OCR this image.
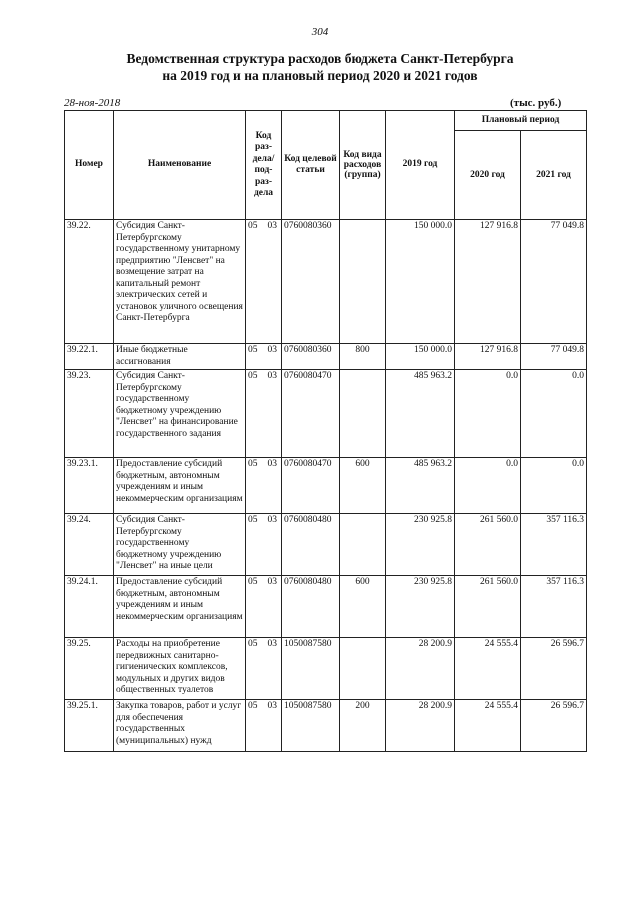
304
Ведомственная структура расходов бюджета Санкт-Петербурга
на 2019 год и на плановый период 2020 и 2021 годов
28-ноя-2018	(тыс. руб.)
Номер	Наименование	Код раз- дела/ под- раз- дела	Код целевой статьи	Код вида расходов (группа)	2019 год	Плановый период	
						2020 год	2021 год
39.22.	Субсидия Санкт-Петербургскому государственному унитарному предприятию "Ленсвет" на возмещение затрат на капитальный ремонт электрических сетей и установок уличного освещения Санкт-Петербурга	05 03	0760080360		150 000.0	127 916.8	77 049.8
39.22.1.	Иные бюджетные ассигнования	05 03	0760080360	800	150 000.0	127 916.8	77 049.8
39.23.	Субсидия Санкт-Петербургскому государственному бюджетному учреждению "Ленсвет" на финансирование государственного задания	05 03	0760080470		485 963.2	0.0	0.0
39.23.1.	Предоставление субсидий бюджетным, автономным учреждениям и иным некоммерческим организациям	05 03	0760080470	600	485 963.2	0.0	0.0
39.24.	Субсидия Санкт-Петербургскому государственному бюджетному учреждению "Ленсвет" на иные цели	05 03	0760080480		230 925.8	261 560.0	357 116.3
39.24.1.	Предоставление субсидий бюджетным, автономным учреждениям и иным некоммерческим организациям	05 03	0760080480	600	230 925.8	261 560.0	357 116.3
39.25.	Расходы на приобретение передвижных санитарно-гигиенических комплексов, модульных и других видов общественных туалетов	05 03	1050087580		28 200.9	24 555.4	26 596.7
39.25.1.	Закупка товаров, работ и услуг для обеспечения государственных (муниципальных) нужд	05 03	1050087580	200	28 200.9	24 555.4	26 596.7
